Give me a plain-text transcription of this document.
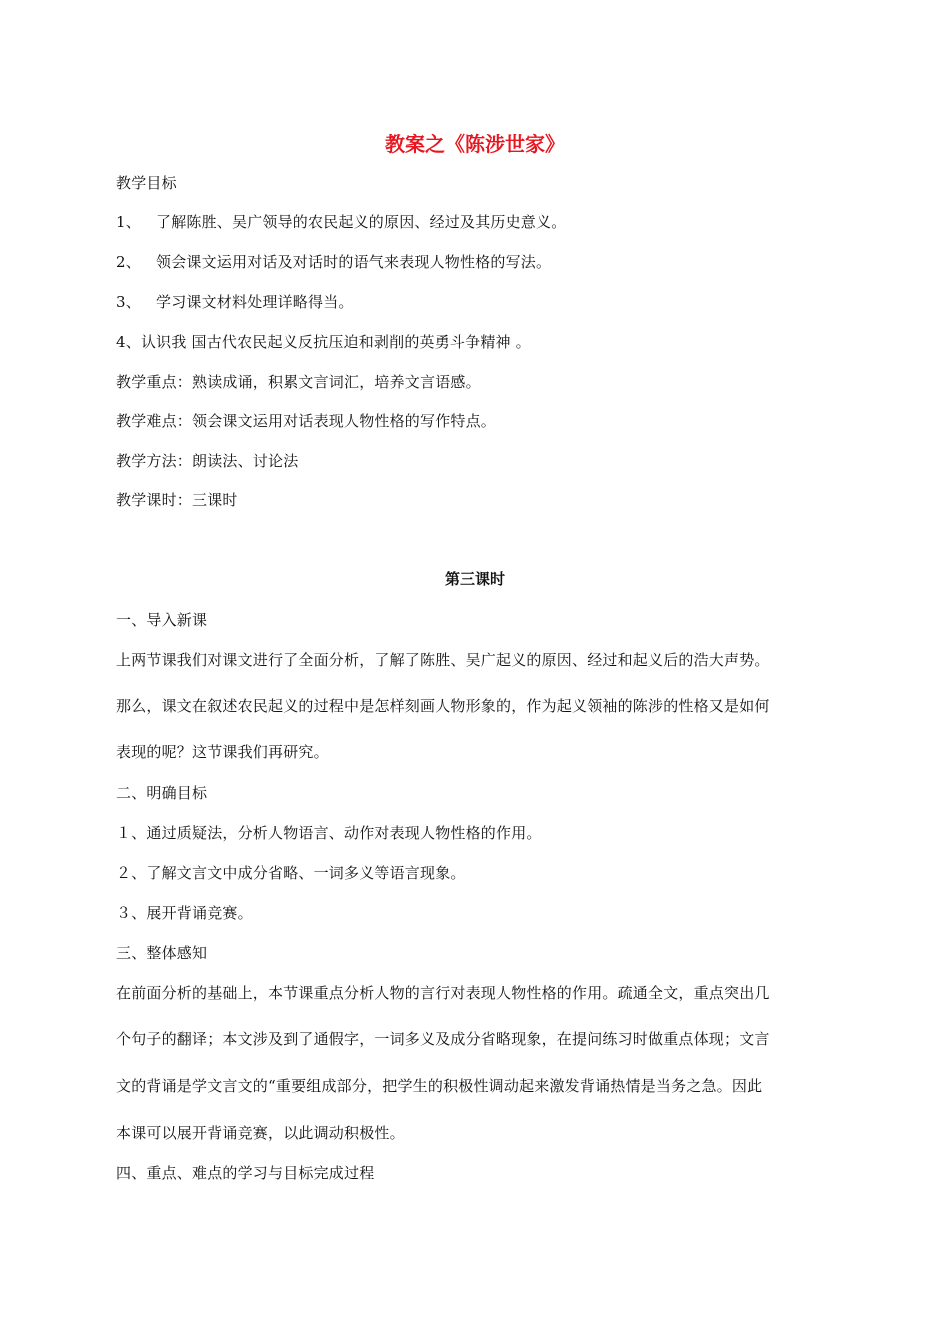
教案之《陈涉世家》
教学目标
1、 了解陈胜、吴广领导的农民起义的原因、经过及其历史意义。
2、 领会课文运用对话及对话时的语气来表现人物性格的写法。
3、 学习课文材料处理详略得当。
4、认识我 国古代农民起义反抗压迫和剥削的英勇斗争精神 。
教学重点：熟读成诵，积累文言词汇，培养文言语感。
教学难点：领会课文运用对话表现人物性格的写作特点。
教学方法：朗读法、讨论法
教学课时：三课时
第三课时
一、导入新课
上两节课我们对课文进行了全面分析，了解了陈胜、吴广起义的原因、经过和起义后的浩大声势。
那么，课文在叙述农民起义的过程中是怎样刻画人物形象的，作为起义领袖的陈涉的性格又是如何
表现的呢？这节课我们再研究。
二、明确目标
１、通过质疑法，分析人物语言、动作对表现人物性格的作用。
２、了解文言文中成分省略、一词多义等语言现象。
３、展开背诵竞赛。
三、整体感知
在前面分析的基础上，本节课重点分析人物的言行对表现人物性格的作用。疏通全文，重点突出几
个句子的翻译；本文涉及到了通假字，一词多义及成分省略现象，在提问练习时做重点体现；文言
文的背诵是学文言文的“重要组成部分，把学生的积极性调动起来激发背诵热情是当务之急。因此
本课可以展开背诵竞赛，以此调动积极性。
四、重点、难点的学习与目标完成过程
